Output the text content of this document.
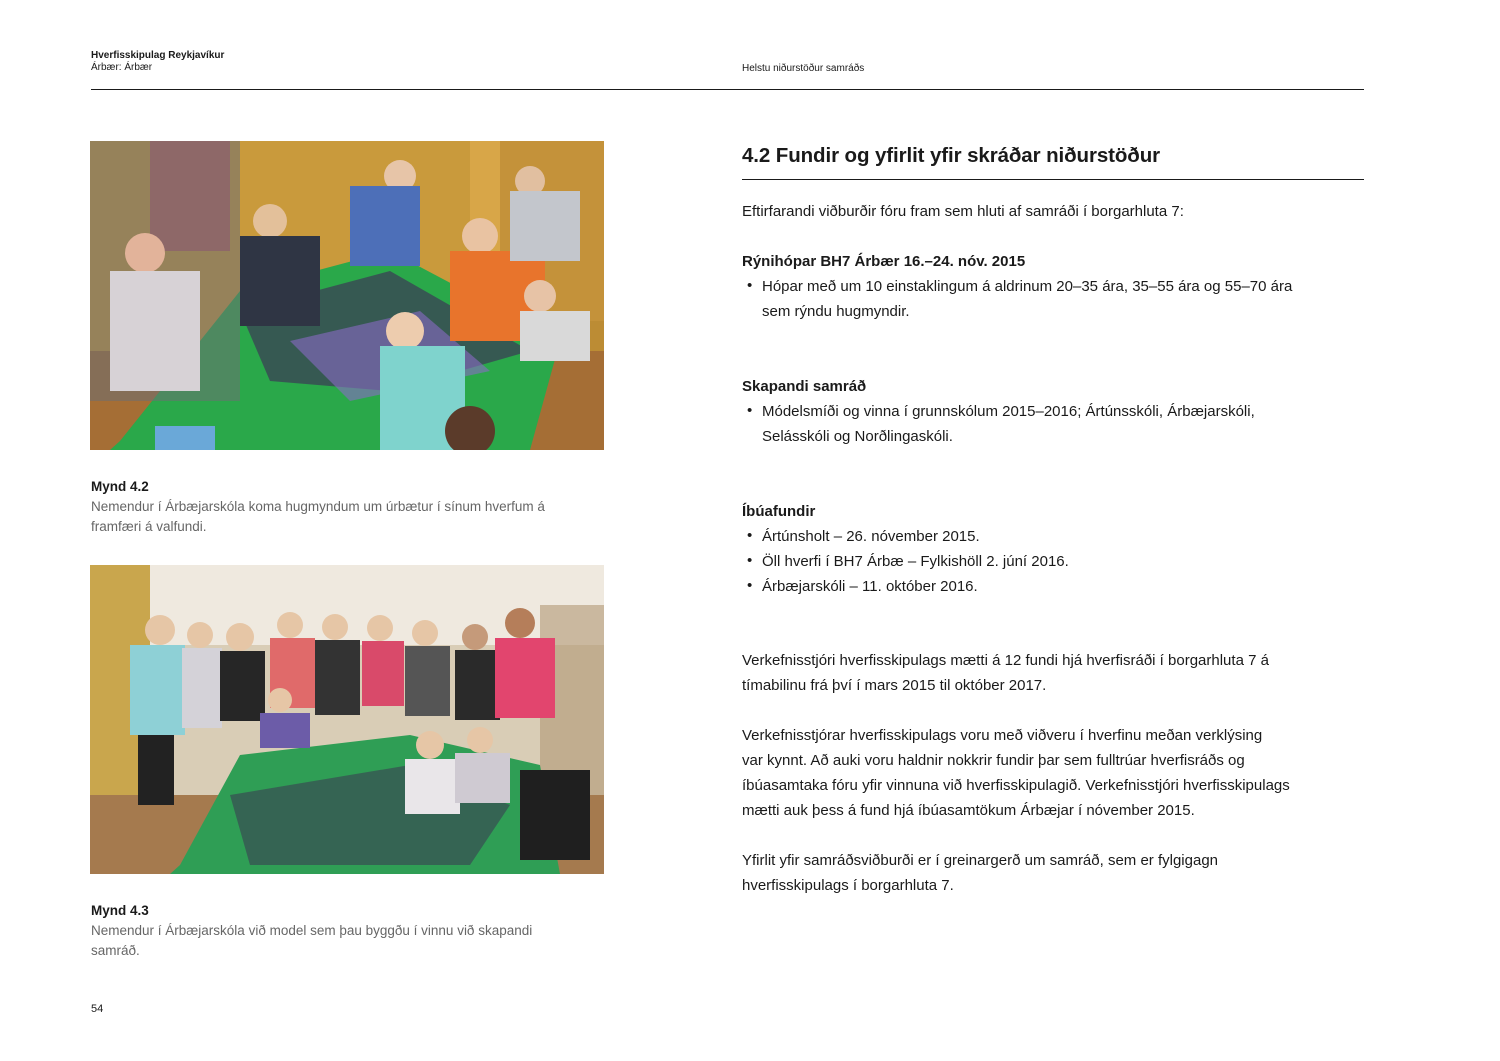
Hverfisskipulag Reykjavíkur
Árbær: Árbær	Helstu niðurstöður samráðs
Mynd 4.2
Nemendur í Árbæjarskóla koma hugmyndum um úrbætur í sínum hverfum á
framfæri á valfundi.
Mynd 4.3
Nemendur í Árbæjarskóla við model sem þau byggðu í vinnu við skapandi
samráð.
54
4.2 Fundir og yfirlit yfir skráðar niðurstöður
Eftirfarandi viðburðir fóru fram sem hluti af samráði í borgarhluta 7:
Rýnihópar BH7 Árbær 16.–24. nóv. 2015
• Hópar með um 10 einstaklingum á aldrinum 20–35 ára, 35–55 ára og 55–70 ára
sem rýndu hugmyndir.
Skapandi samráð
• Módelsmíði og vinna í grunnskólum 2015–2016; Ártúnsskóli, Árbæjarskóli,
Selásskóli og Norðlingaskóli.
Íbúafundir
• Ártúnsholt – 26. nóvember 2015.
• Öll hverfi í BH7 Árbæ – Fylkishöll 2. júní 2016.
• Árbæjarskóli – 11. október 2016.
Verkefnisstjóri hverfisskipulags mætti á 12 fundi hjá hverfisráði í borgarhluta 7 á
tímabilinu frá því í mars 2015 til október 2017.
Verkefnisstjórar hverfisskipulags voru með viðveru í hverfinu meðan verklýsing
var kynnt. Að auki voru haldnir nokkrir fundir þar sem fulltrúar hverfisráðs og
íbúasamtaka fóru yfir vinnuna við hverfisskipulagið. Verkefnisstjóri hverfisskipulags
mætti auk þess á fund hjá íbúasamtökum Árbæjar í nóvember 2015.
Yfirlit yfir samráðsviðburði er í greinargerð um samráð, sem er fylgigagn
hverfisskipulags í borgarhluta 7.
